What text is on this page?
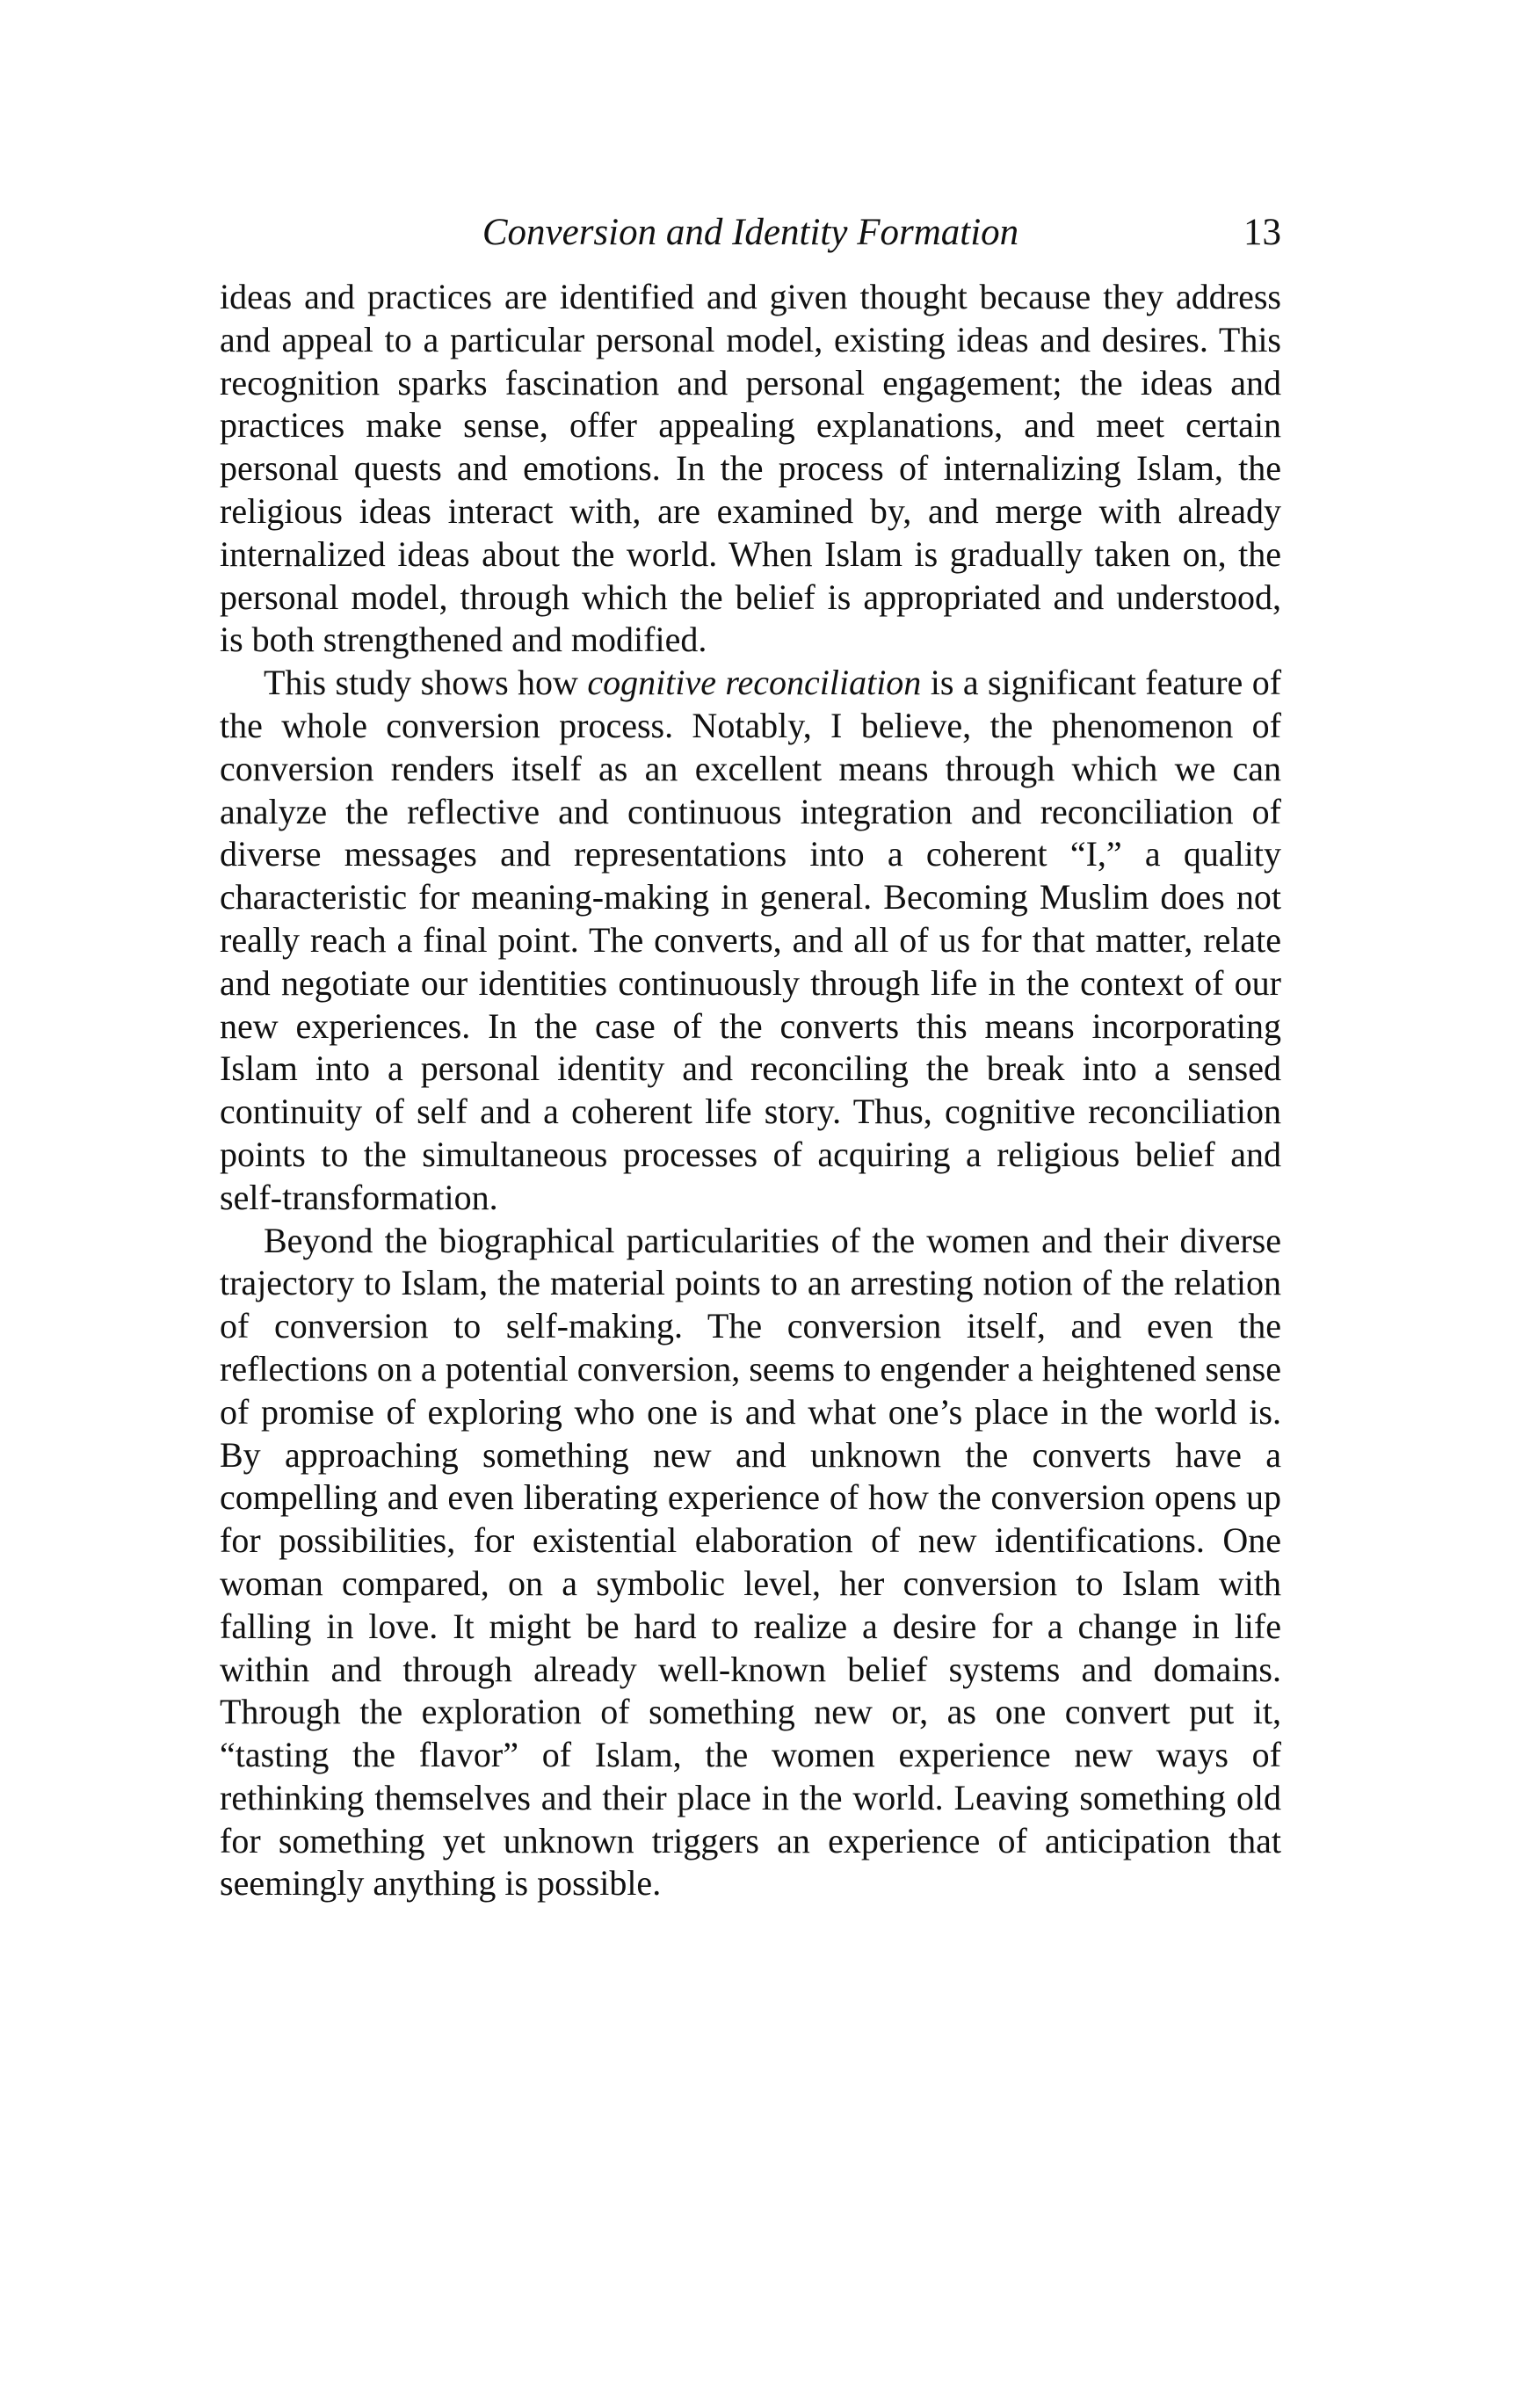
Conversion and Identity Formation	13

ideas and practices are identified and given thought because they address and appeal to a particular personal model, existing ideas and desires. This recognition sparks fascination and personal engagement; the ideas and practices make sense, offer appealing explanations, and meet certain personal quests and emotions. In the process of internalizing Islam, the religious ideas interact with, are examined by, and merge with already internalized ideas about the world. When Islam is gradually taken on, the personal model, through which the belief is appropriated and understood, is both strengthened and modified.

This study shows how cognitive reconciliation is a significant feature of the whole conversion process. Notably, I believe, the phenomenon of conversion renders itself as an excellent means through which we can analyze the reflective and continuous integration and reconciliation of diverse messages and representations into a coherent “I,” a quality characteristic for meaning-making in general. Becoming Muslim does not really reach a final point. The converts, and all of us for that matter, relate and negotiate our identities continuously through life in the context of our new experiences. In the case of the converts this means incorporating Islam into a personal identity and reconciling the break into a sensed continuity of self and a coherent life story. Thus, cognitive reconciliation points to the simultaneous processes of acquiring a religious belief and self-transformation.

Beyond the biographical particularities of the women and their diverse trajectory to Islam, the material points to an arresting notion of the relation of conversion to self-making. The conversion itself, and even the reflections on a potential conversion, seems to engender a heightened sense of promise of exploring who one is and what one’s place in the world is. By approaching something new and unknown the converts have a compelling and even liberating experience of how the conversion opens up for possibilities, for existential elaboration of new identifications. One woman compared, on a symbolic level, her conversion to Islam with falling in love. It might be hard to realize a desire for a change in life within and through already well-known belief systems and domains. Through the exploration of something new or, as one convert put it, “tasting the flavor” of Islam, the women experience new ways of rethinking themselves and their place in the world. Leaving something old for something yet unknown triggers an experience of anticipation that seemingly anything is possible.
